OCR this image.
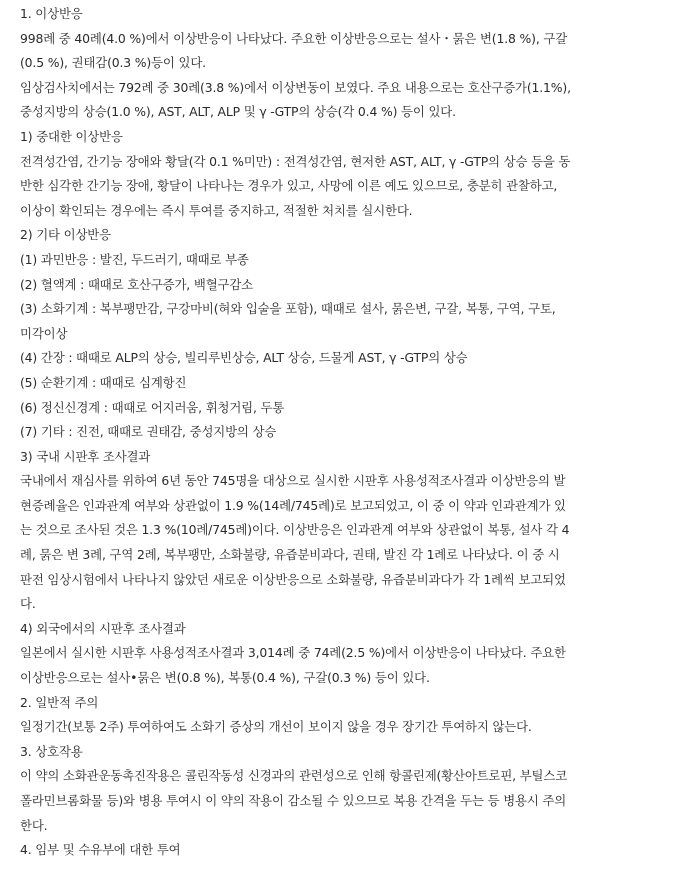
1. 이상반응
998례 중 40례(4.0 %)에서 이상반응이 나타났다. 주요한 이상반응으로는 설사・묽은 변(1.8 %), 구갈
(0.5 %), 권태감(0.3 %)등이 있다.
임상검사치에서는 792례 중 30례(3.8 %)에서 이상변동이 보였다. 주요 내용으로는 호산구증가(1.1%),
중성지방의 상승(1.0 %), AST, ALT, ALP 및 γ -GTP의 상승(각 0.4 %) 등이 있다.
1) 중대한 이상반응
전격성간염, 간기능 장애와 황달(각 0.1 %미만) : 전격성간염, 현저한 AST, ALT, γ -GTP의 상승 등을 동
반한 심각한 간기능 장애, 황달이 나타나는 경우가 있고, 사망에 이른 예도 있으므로, 충분히 관찰하고,
이상이 확인되는 경우에는 즉시 투여를 중지하고, 적절한 처치를 실시한다.
2) 기타 이상반응
(1) 과민반응 : 발진, 두드러기, 때때로 부종
(2) 혈액계 : 때때로 호산구증가, 백혈구감소
(3) 소화기계 : 복부팽만감, 구강마비(혀와 입술을 포함), 때때로 설사, 묽은변, 구갈, 복통, 구역, 구토,
미각이상
(4) 간장 : 때때로 ALP의 상승, 빌리루빈상승, ALT 상승, 드물게 AST, γ -GTP의 상승
(5) 순환기계 : 때때로 심계항진
(6) 정신신경계 : 때때로 어지러움, 휘청거림, 두통
(7) 기타 : 진전, 때때로 권태감, 중성지방의 상승
3) 국내 시판후 조사결과
국내에서 재심사를 위하여 6년 동안 745명을 대상으로 실시한 시판후 사용성적조사결과 이상반응의 발
현증례율은 인과관계 여부와 상관없이 1.9 %(14례/745례)로 보고되었고, 이 중 이 약과 인과관계가 있
는 것으로 조사된 것은 1.3 %(10례/745례)이다. 이상반응은 인과관계 여부와 상관없이 복통, 설사 각 4
례, 묽은 변 3례, 구역 2례, 복부팽만, 소화불량, 유즙분비과다, 권태, 발진 각 1례로 나타났다. 이 중 시
판전 임상시험에서 나타나지 않았던 새로운 이상반응으로 소화불량, 유즙분비과다가 각 1례씩 보고되었
다.
4) 외국에서의 시판후 조사결과
일본에서 실시한 시판후 사용성적조사결과 3,014례 중 74례(2.5 %)에서 이상반응이 나타났다. 주요한
이상반응으로는 설사•묽은 변(0.8 %), 복통(0.4 %), 구갈(0.3 %) 등이 있다.
2. 일반적 주의
일정기간(보통 2주) 투여하여도 소화기 증상의 개선이 보이지 않을 경우 장기간 투여하지 않는다.
3. 상호작용
이 약의 소화관운동촉진작용은 콜린작동성 신경과의 관련성으로 인해 항콜린제(황산아트로핀, 부틸스코
폴라민브롬화물 등)와 병용 투여시 이 약의 작용이 감소될 수 있으므로 복용 간격을 두는 등 병용시 주의
한다.
4. 임부 및 수유부에 대한 투여
